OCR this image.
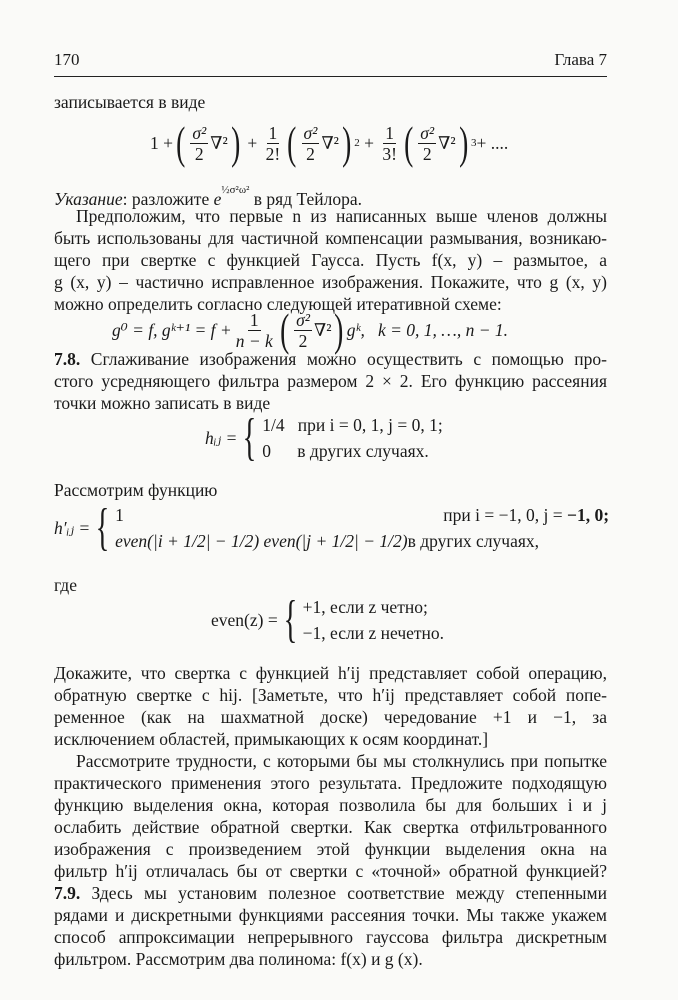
170	Глава 7
записывается в виде
1 + ( $\frac{\text{σ²}}{2} \nabla^2$ ) + $\frac{1}{2!}$ ( $\frac{\text{σ²}}{2} \nabla^2$ ) $2 + \frac{1}{3!}$ ( $\frac{\text{σ²}}{2} \nabla^2$ ) 3 + ....
Указание: разложите $e^{\frac{1}{2}\sigma^2\omega^2}$ в ряд Тейлора.
Предположим, что первые n из написанных выше членов должны
быть использованы для частичной компенсации размывания, возникаю-
щего при свертке с функцией Гаусса. Пусть f(x, y) – размытое, а
g (x, y) – частично исправленное изображения. Покажите, что g (x, y)
можно определить согласно следующей итеративной схеме:
g⁰ = f, gᵏ⁺¹ = $f + \frac{1}{n - k}$ ( $\frac{\text{σ²}}{2} \nabla^2$ ) gᵏ,
k = 0, 1, …, n − 1.
7.8. Сглаживание изображения можно осуществить с помощью про-
стого усредняющего фильтра размером 2 × 2. Его функцию рассеяния
точки можно записать в виде
hᵢⱼ = { 1/4 при i = 0, 1, j = 0, 1;
0 в других случаях.
Рассмотрим функцию
h′ᵢⱼ = { 1	при i = −1, 0, j = −1, 0;
even(|i + 1/2| − 1/2) even(|j + 1/2| − 1/2) в других случаях,
где
even(z) = { +1, если z четно;
−1, если z нечетно.
Докажите, что свертка с функцией h′ij представляет собой операцию,
обратную свертке с hij. [Заметьте, что h′ij представляет собой попе-
ременное (как на шахматной доске) чередование +1 и −1, за
исключением областей, примыкающих к осям координат.]
Рассмотрите трудности, с которыми бы мы столкнулись при попытке
практического применения этого результата. Предложите подходящую
функцию выделения окна, которая позволила бы для больших i и j
ослабить действие обратной свертки. Как свертка отфильтрованного
изображения с произведением этой функции выделения окна на
фильтр h′ij отличалась бы от свертки с «точной» обратной функцией?
7.9. Здесь мы установим полезное соответствие между степенными
рядами и дискретными функциями рассеяния точки. Мы также укажем
способ аппроксимации непрерывного гауссова фильтра дискретным
фильтром. Рассмотрим два полинома: f(x) и g (x).
